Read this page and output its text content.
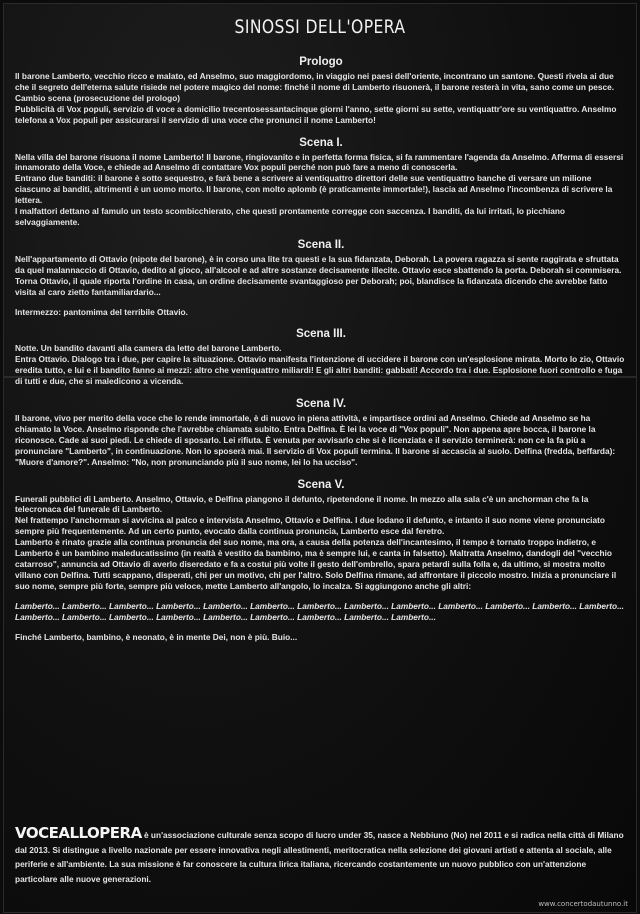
SINOSSI DELL'OPERA
Prologo

Il barone Lamberto, vecchio ricco e malato, ed Anselmo, suo maggiordomo, in viaggio nei paesi dell'oriente, incontrano un santone. Questi rivela ai due che il segreto dell'eterna salute risiede nel potere magico del nome: finché il nome di Lamberto risuonerà, il barone resterà in vita, sano come un pesce.

Cambio scena (prosecuzione del prologo)

Pubblicità di Vox populi, servizio di voce a domicilio trecentosessantacinque giorni l'anno, sette giorni su sette, ventiquattr'ore su ventiquattro. Anselmo telefona a Vox populi per assicurarsi il servizio di una voce che pronunci il nome Lamberto!

Scena I.

Nella villa del barone risuona il nome Lamberto! Il barone, ringiovanito e in perfetta forma fisica, si fa rammentare l'agenda da Anselmo. Afferma di essersi innamorato della Voce, e chiede ad Anselmo di contattare Vox populi perché non può fare a meno di conoscerla.

Entrano due banditi: il barone è sotto sequestro, e farà bene a scrivere ai ventiquattro direttori delle sue ventiquattro banche di versare un milione ciascuno ai banditi, altrimenti è un uomo morto. Il barone, con molto aplomb (è praticamente immortale!), lascia ad Anselmo l'incombenza di scrivere la lettera.

I malfattori dettano al famulo un testo scombicchierato, che questi prontamente corregge con saccenza. I banditi, da lui irritati, lo picchiano selvaggiamente.

Scena II.

Nell'appartamento di Ottavio (nipote del barone), è in corso una lite tra questi e la sua fidanzata, Deborah. La povera ragazza si sente raggirata e sfruttata da quel malannaccio di Ottavio, dedito al gioco, all'alcool e ad altre sostanze decisamente illecite. Ottavio esce sbattendo la porta. Deborah si commisera. Torna Ottavio, il quale riporta l'ordine in casa, un ordine decisamente svantaggioso per Deborah; poi, blandisce la fidanzata dicendo che avrebbe fatto visita al caro zietto fantamiliardario...

Intermezzo: pantomima del terribile Ottavio.

Scena III.

Notte. Un bandito davanti alla camera da letto del barone Lamberto.

Entra Ottavio. Dialogo tra i due, per capire la situazione. Ottavio manifesta l'intenzione di uccidere il barone con un'esplosione mirata. Morto lo zio, Ottavio eredita tutto, e lui e il bandito fanno ai mezzi: altro che ventiquattro miliardi! E gli altri banditi: gabbati! Accordo tra i due. Esplosione fuori controllo e fuga di tutti e due, che si maledicono a vicenda.

Scena IV.

Il barone, vivo per merito della voce che lo rende immortale, è di nuovo in piena attività, e impartisce ordini ad Anselmo. Chiede ad Anselmo se ha chiamato la Voce. Anselmo risponde che l'avrebbe chiamata subito. Entra Delfina. È lei la voce di "Vox populi". Non appena apre bocca, il barone la riconosce. Cade ai suoi piedi. Le chiede di sposarlo. Lei rifiuta. È venuta per avvisarlo che si è licenziata e il servizio terminerà: non ce la fa più a pronunciare "Lamberto", in continuazione. Non lo sposerà mai. Il servizio di Vox populi termina. Il barone si accascia al suolo. Delfina (fredda, beffarda): "Muore d'amore?". Anselmo: "No, non pronunciando più il suo nome, lei lo ha ucciso".

Scena V.

Funerali pubblici di Lamberto. Anselmo, Ottavio, e Delfina piangono il defunto, ripetendone il nome. In mezzo alla sala c'è un anchorman che fa la telecronaca del funerale di Lamberto.

Nel frattempo l'anchorman si avvicina al palco e intervista Anselmo, Ottavio e Delfina. I due lodano il defunto, e intanto il suo nome viene pronunciato sempre più frequentemente. Ad un certo punto, evocato dalla continua pronuncia, Lamberto esce dal feretro.

Lamberto è rinato grazie alla continua pronuncia del suo nome, ma ora, a causa della potenza dell'incantesimo, il tempo è tornato troppo indietro, e Lamberto è un bambino maleducatissimo (in realtà è vestito da bambino, ma è sempre lui, e canta in falsetto). Maltratta Anselmo, dandogli del "vecchio catarroso", annuncia ad Ottavio di averlo diseredato e fa a costui più volte il gesto dell'ombrello, spara petardi sulla folla e, da ultimo, si mostra molto villano con Delfina. Tutti scappano, disperati, chi per un motivo, chi per l'altro. Solo Delfina rimane, ad affrontare il piccolo mostro. Inizia a pronunciare il suo nome, sempre più forte, sempre più veloce, mette Lamberto all'angolo, lo incalza. Si aggiungono anche gli altri:

Lamberto... Lamberto... Lamberto... Lamberto... Lamberto... Lamberto... Lamberto... Lamberto... Lamberto... Lamberto... Lamberto... Lamberto... Lamberto... Lamberto... Lamberto... Lamberto... Lamberto... Lamberto... Lamberto... Lamberto... Lamberto... Lamberto...

Finché Lamberto, bambino, è neonato, è in mente Dei, non è più. Buio...

VOCEALLOPERA è un'associazione culturale senza scopo di lucro under 35, nasce a Nebbiuno (No) nel 2011 e si radica nella città di Milano dal 2013. Si distingue a livello nazionale per essere innovativa negli allestimenti, meritocratica nella selezione dei giovani artisti e attenta al sociale, alle periferie e all'ambiente. La sua missione è far conoscere la cultura lirica italiana, ricercando costantemente un nuovo pubblico con un'attenzione particolare alle nuove generazioni.

www.concertodautunno.it
